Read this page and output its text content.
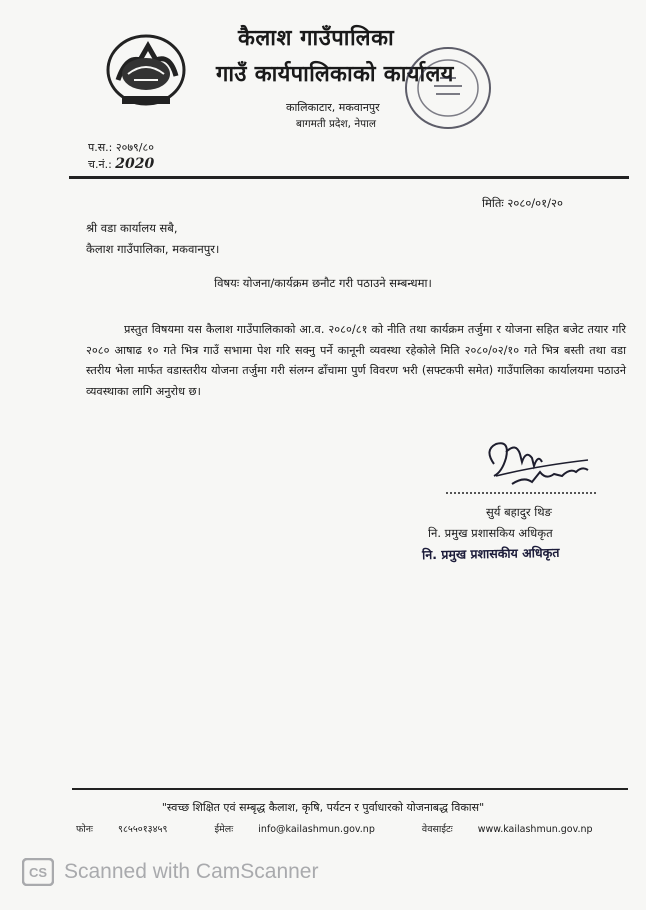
कैलाश गाउँपालिका
गाउँ कार्यपालिकाको कार्यालय
कालिकाटार, मकवानपुर
बागमती प्रदेश, नेपाल
प.स.: २०७९/८०
च.नं.: 2020
मितिः २०८०/०१/२०
श्री वडा कार्यालय सबै,
कैलाश गाउँपालिका, मकवानपुर।
विषयः योजना/कार्यक्रम छनौट गरी पठाउने सम्बन्धमा।
प्रस्तुत विषयमा यस कैलाश गाउँपालिकाको आ.व. २०८०/८१ को नीति तथा कार्यक्रम तर्जुमा र योजना सहित बजेट तयार गरि २०८० आषाढ १० गते भित्र गाउँ सभामा पेश गरि सक्नु पर्ने कानूनी व्यवस्था रहेकोले मिति २०८०/०२/१० गते भित्र बस्ती तथा वडा स्तरीय भेला मार्फत वडास्तरीय योजना तर्जुमा गरी संलग्न ढाँचामा पुर्ण विवरण भरी (सफ्टकपी समेत) गाउँपालिका कार्यालयमा पठाउने व्यवस्थाका लागि अनुरोध छ।
सुर्य बहादुर थिङ
नि. प्रमुख प्रशासकिय अधिकृत
नि. प्रमुख प्रशासकीय अधिकृत
"स्वच्छ शिक्षित एवं सम्बृद्ध कैलाश, कृषि, पर्यटन र पुर्वाधारको योजनाबद्ध विकास"
फोनः	९८५५०१३४५९	ईमेलः	info@kailashmun.gov.np	वेवसाईटः	www.kailashmun.gov.np
CS Scanned with CamScanner
